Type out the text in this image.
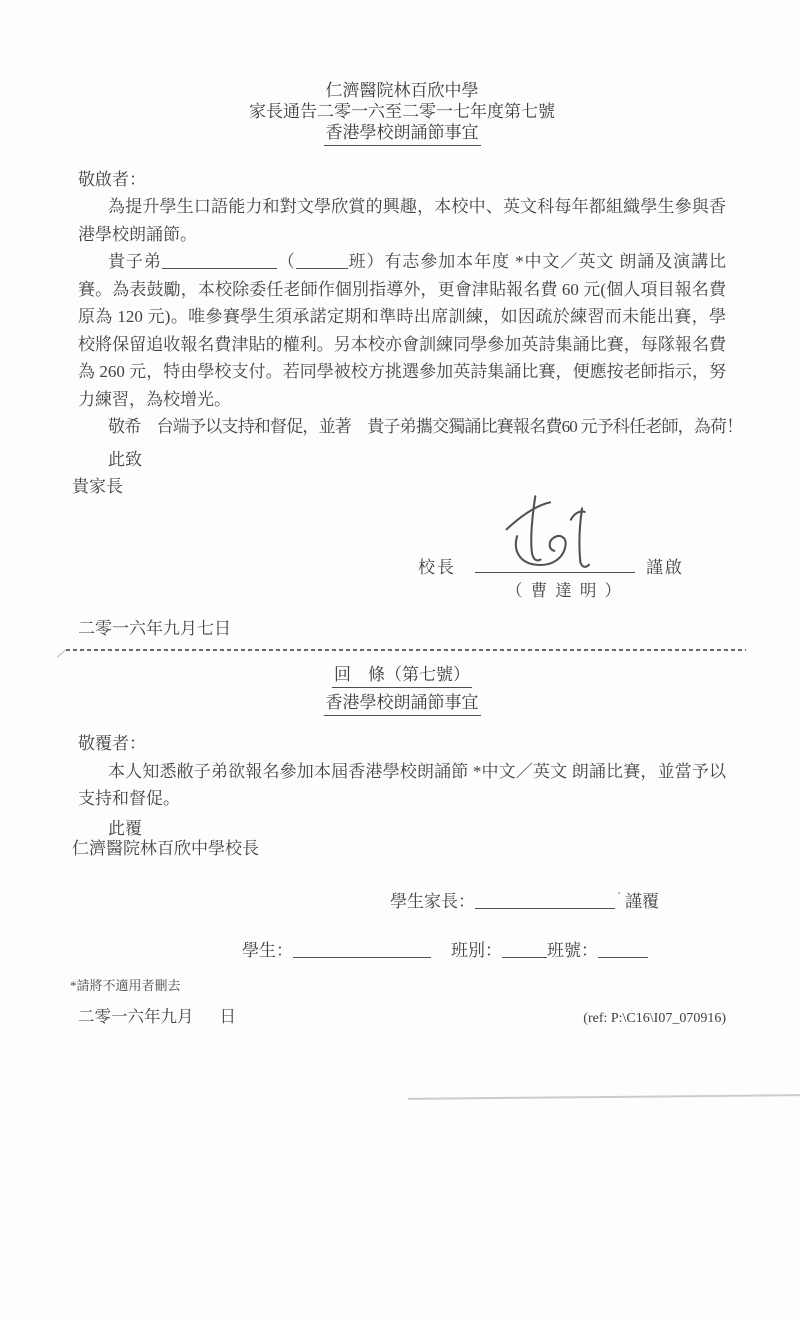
仁濟醫院林百欣中學
家長通告二零一六至二零一七年度第七號
香港學校朗誦節事宜
敬啟者：

為提升學生口語能力和對文學欣賞的興趣，本校中、英文科每年都組織學生參與香港學校朗誦節。

貴子弟	（	班）有志參加本年度 *中文／英文 朗誦及演講比賽。為表鼓勵，本校除委任老師作個別指導外，更會津貼報名費 60 元(個人項目報名費原為 120 元)。唯參賽學生須承諾定期和準時出席訓練，如因疏於練習而未能出賽，學校將保留追收報名費津貼的權利。另本校亦會訓練同學參加英詩集誦比賽，每隊報名費為 260 元，特由學校支付。若同學被校方挑選參加英詩集誦比賽，便應按老師指示，努力練習，為校增光。

敬希　台端予以支持和督促，並著　貴子弟攜交獨誦比賽報名費60 元予科任老師，為荷！

此致
貴家長
校長	謹啟
（ 曹 達 明 ）
二零一六年九月七日
回　條（第七號）
香港學校朗誦節事宜
敬覆者：

本人知悉敝子弟欲報名參加本屆香港學校朗誦節 *中文／英文 朗誦比賽，並當予以支持和督促。

此覆
仁濟醫院林百欣中學校長
學生家長：	謹覆
學生：	班別：	班號：
*請將不適用者刪去
二零一六年九月 日	(ref: P:\C16\I07_070916)
